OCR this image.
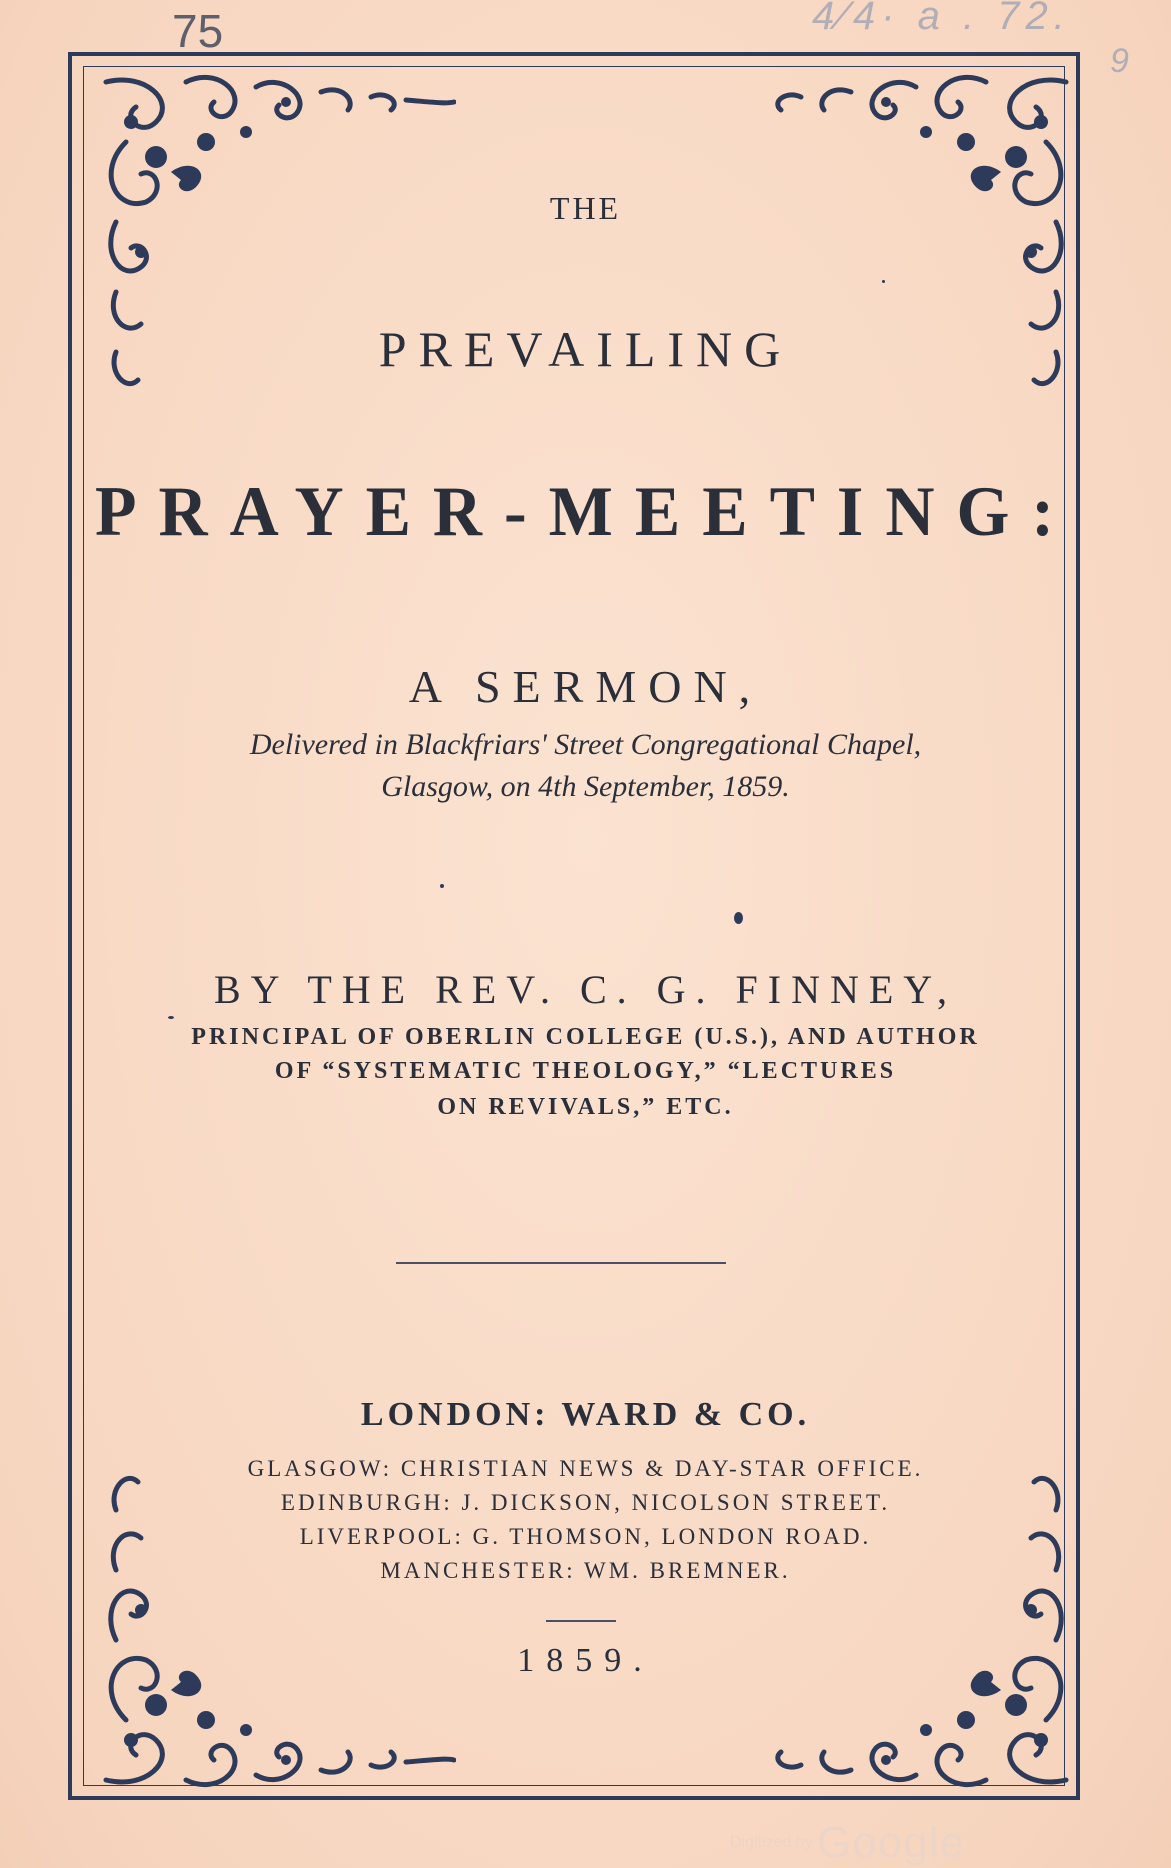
75	4⁄4· a . 72.
9
THE
PREVAILING
PRAYER-MEETING:
A SERMON,
Delivered in Blackfriars' Street Congregational Chapel,
Glasgow, on 4th September, 1859.
BY THE REV. C. G. FINNEY,
PRINCIPAL OF OBERLIN COLLEGE (U.S.), AND AUTHOR
OF “SYSTEMATIC THEOLOGY,” “LECTURES
ON REVIVALS,” ETC.
LONDON: WARD & CO.
GLASGOW: CHRISTIAN NEWS & DAY-STAR OFFICE.
EDINBURGH: J. DICKSON, NICOLSON STREET.
LIVERPOOL: G. THOMSON, LONDON ROAD.
MANCHESTER: WM. BREMNER.
1859.
Digitized by Google
